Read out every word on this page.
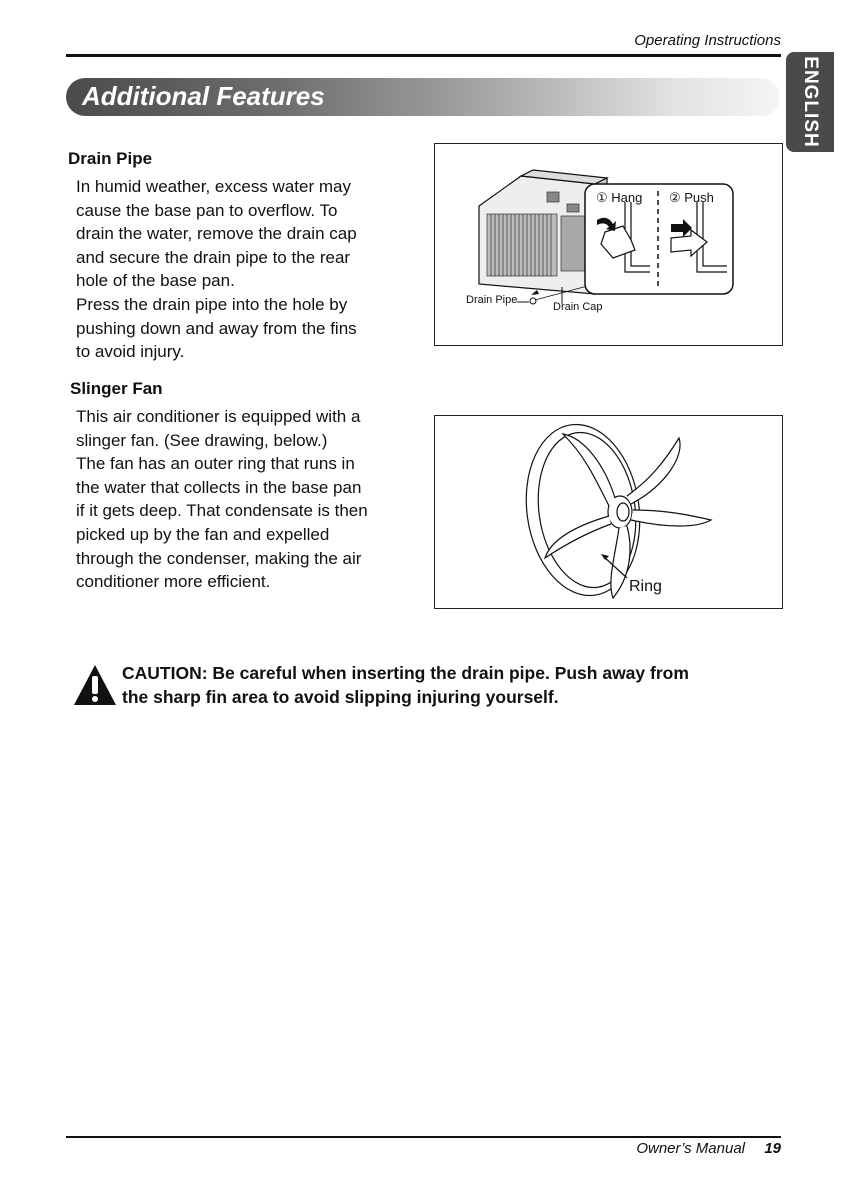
Operating Instructions
ENGLISH
Additional Features
Drain Pipe
In humid weather, excess water may
cause the base pan to overflow. To
drain the water, remove the drain cap
and secure the drain pipe to the rear
hole of the base pan.
Press the drain pipe into the hole by
pushing down and away from the fins
to avoid injury.
① Hang ② Push
Drain Pipe
Drain Cap
Slinger Fan
This air conditioner is equipped with a
slinger fan. (See drawing, below.)
The fan has an outer ring that runs in
the water that collects in the base pan
if it gets deep. That condensate is then
picked up by the fan and expelled
through the condenser, making the air
conditioner more efficient.	Ring
CAUTION: Be careful when inserting the drain pipe. Push away from
the sharp fin area to avoid slipping injuring yourself.
Owner’s Manual 19
